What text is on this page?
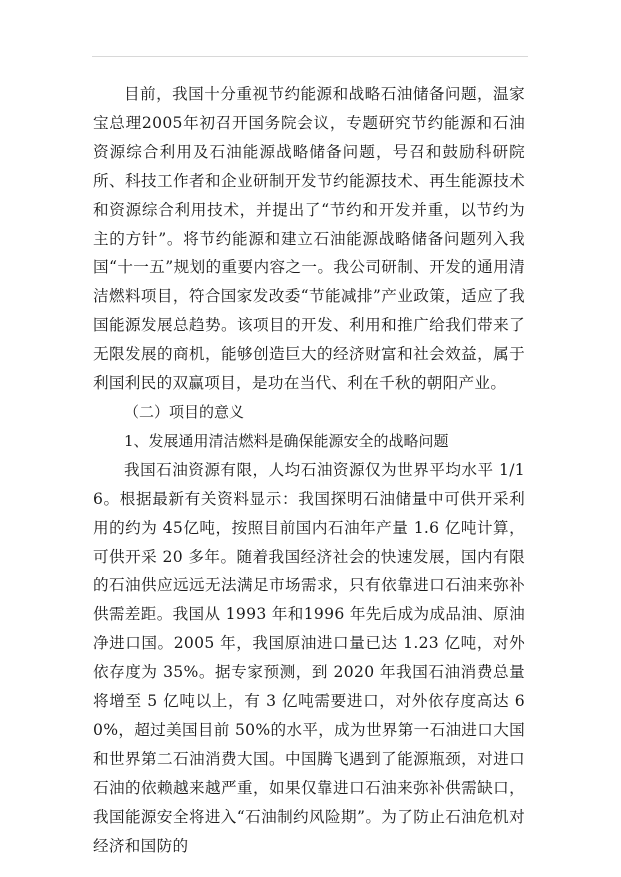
目前，我国十分重视节约能源和战略石油储备问题，温家宝总理2005年初召开国务院会议，专题研究节约能源和石油资源综合利用及石油能源战略储备问题，号召和鼓励科研院所、科技工作者和企业研制开发节约能源技术、再生能源技术和资源综合利用技术，并提出了“节约和开发并重，以节约为主的方针”。将节约能源和建立石油能源战略储备问题列入我国“十一五”规划的重要内容之一。我公司研制、开发的通用清洁燃料项目，符合国家发改委“节能减排”产业政策，适应了我国能源发展总趋势。该项目的开发、利用和推广给我们带来了无限发展的商机，能够创造巨大的经济财富和社会效益，属于利国利民的双赢项目，是功在当代、利在千秋的朝阳产业。

（二）项目的意义

1、发展通用清洁燃料是确保能源安全的战略问题

我国石油资源有限，人均石油资源仅为世界平均水平 1/16。根据最新有关资料显示：我国探明石油储量中可供开采利用的约为 45亿吨，按照目前国内石油年产量 1.6 亿吨计算，可供开采 20 多年。随着我国经济社会的快速发展，国内有限的石油供应远远无法满足市场需求，只有依靠进口石油来弥补供需差距。我国从 1993 年和1996 年先后成为成品油、原油净进口国。2005 年，我国原油进口量已达 1.23 亿吨，对外依存度为 35%。据专家预测，到 2020 年我国石油消费总量将增至 5 亿吨以上，有 3 亿吨需要进口，对外依存度高达 60%，超过美国目前 50%的水平，成为世界第一石油进口大国和世界第二石油消费大国。中国腾飞遇到了能源瓶颈，对进口石油的依赖越来越严重，如果仅靠进口石油来弥补供需缺口，我国能源安全将进入“石油制约风险期”。为了防止石油危机对经济和国防的
